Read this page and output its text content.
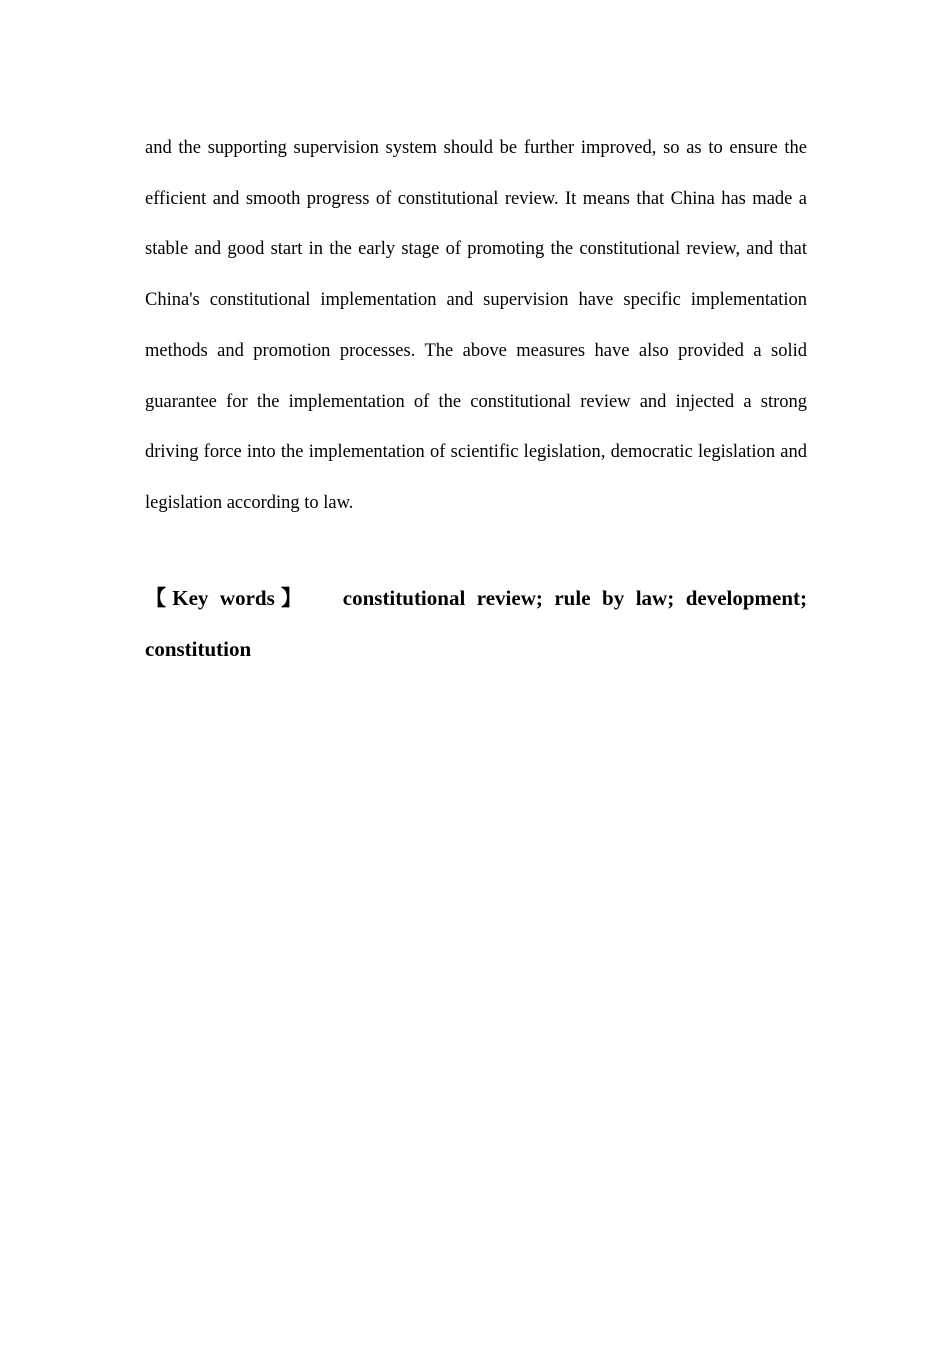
and the supporting supervision system should be further improved, so as to ensure the efficient and smooth progress of constitutional review. It means that China has made a stable and good start in the early stage of promoting the constitutional review, and that China's constitutional implementation and supervision have specific implementation methods and promotion processes. The above measures have also provided a solid guarantee for the implementation of the constitutional review and injected a strong driving force into the implementation of scientific legislation, democratic legislation and legislation according to law.

【Key words】 constitutional review; rule by law; development; constitution
